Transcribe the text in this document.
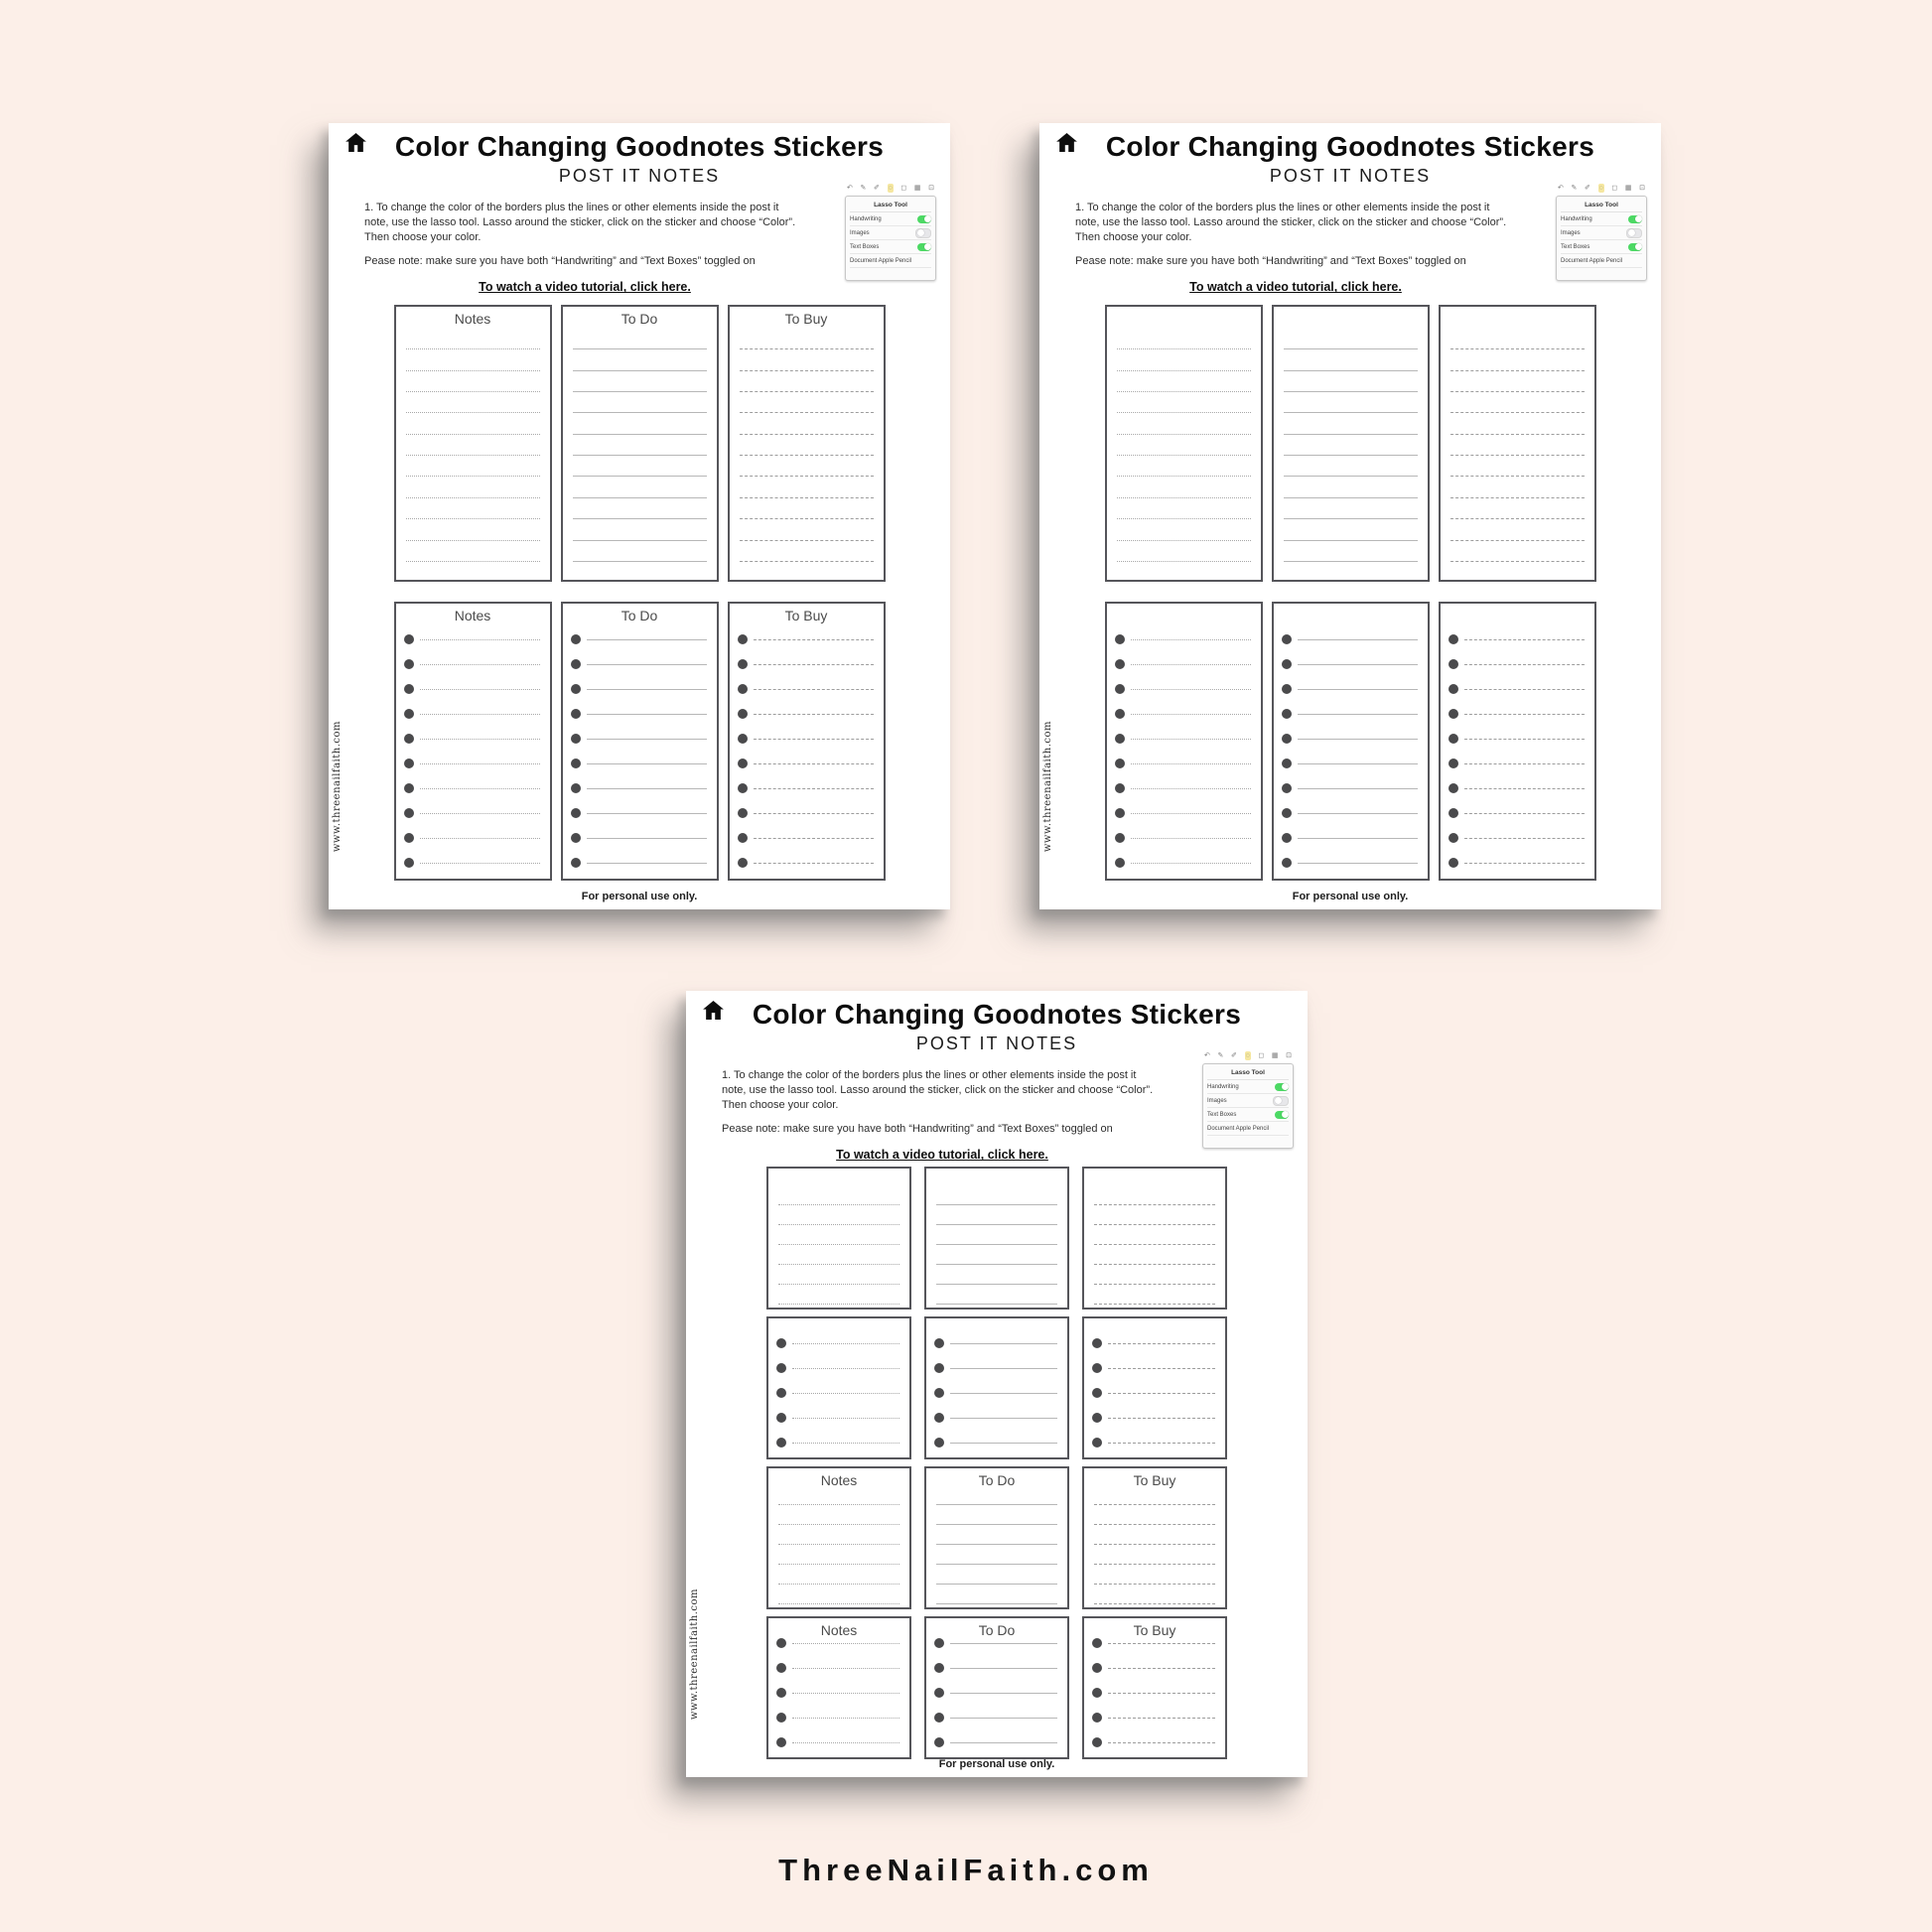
Color Changing Goodnotes Stickers
POST IT NOTES

1. To change the color of the borders plus the lines or other elements inside the post it note, use the lasso tool. Lasso around the sticker, click on the sticker and choose “Color”. Then choose your color.

Pease note: make sure you have both “Handwriting” and “Text Boxes” toggled on

To watch a video tutorial, click here.

↶ ✎ ✐ ◌ ◻ ▦ ⊡
Lasso Tool
Handwriting
Images
Text Boxes
Document Apple Pencil
Notes	To Do	To Buy
Notes	To Do	To Buy
For personal use only.
www.threenailfaith.com
Color Changing Goodnotes Stickers
POST IT NOTES

1. To change the color of the borders plus the lines or other elements inside the post it note, use the lasso tool. Lasso around the sticker, click on the sticker and choose “Color”. Then choose your color.

Pease note: make sure you have both “Handwriting” and “Text Boxes” toggled on

To watch a video tutorial, click here.

↶ ✎ ✐ ◌ ◻ ▦ ⊡
Lasso Tool
Handwriting
Images
Text Boxes
Document Apple Pencil
For personal use only.
www.threenailfaith.com
Color Changing Goodnotes Stickers
POST IT NOTES

1. To change the color of the borders plus the lines or other elements inside the post it note, use the lasso tool. Lasso around the sticker, click on the sticker and choose “Color”. Then choose your color.

Pease note: make sure you have both “Handwriting” and “Text Boxes” toggled on

To watch a video tutorial, click here.

↶ ✎ ✐ ◌ ◻ ▦ ⊡
Lasso Tool
Handwriting
Images
Text Boxes
Document Apple Pencil
Notes	To Do	To Buy
Notes	To Do	To Buy
For personal use only.
www.threenailfaith.com
ThreeNailFaith.com
